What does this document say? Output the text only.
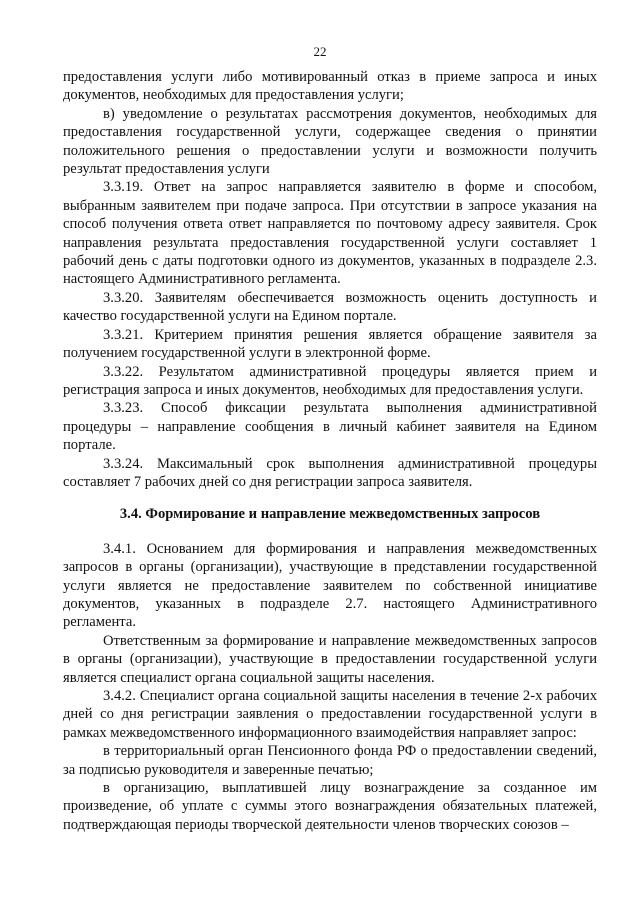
22

предоставления услуги либо мотивированный отказ в приеме запроса и иных документов, необходимых для предоставления услуги;

в) уведомление о результатах рассмотрения документов, необходимых для предоставления государственной услуги, содержащее сведения о принятии положительного решения о предоставлении услуги и возможности получить результат предоставления услуги

3.3.19. Ответ на запрос направляется заявителю в форме и способом, выбранным заявителем при подаче запроса. При отсутствии в запросе указания на способ получения ответа ответ направляется по почтовому адресу заявителя. Срок направления результата предоставления государственной услуги составляет 1 рабочий день с даты подготовки одного из документов, указанных в подразделе 2.3. настоящего Административного регламента.

3.3.20. Заявителям обеспечивается возможность оценить доступность и качество государственной услуги на Едином портале.

3.3.21. Критерием принятия решения является обращение заявителя за получением государственной услуги в электронной форме.

3.3.22. Результатом административной процедуры является прием и регистрация запроса и иных документов, необходимых для предоставления услуги.

3.3.23. Способ фиксации результата выполнения административной процедуры – направление сообщения в личный кабинет заявителя на Едином портале.

3.3.24. Максимальный срок выполнения административной процедуры составляет 7 рабочих дней со дня регистрации запроса заявителя.

3.4. Формирование и направление межведомственных запросов

3.4.1. Основанием для формирования и направления межведомственных запросов в органы (организации), участвующие в представлении государственной услуги является не предоставление заявителем по собственной инициативе документов, указанных в подразделе 2.7. настоящего Административного регламента.

Ответственным за формирование и направление межведомственных запросов в органы (организации), участвующие в предоставлении государственной услуги является специалист органа социальной защиты населения.

3.4.2. Специалист органа социальной защиты населения в течение 2-х рабочих дней со дня регистрации заявления о предоставлении государственной услуги в рамках межведомственного информационного взаимодействия направляет запрос:

в территориальный орган Пенсионного фонда РФ о предоставлении сведений, за подписью руководителя и заверенные печатью;

в организацию, выплатившей лицу вознаграждение за созданное им произведение, об уплате с суммы этого вознаграждения обязательных платежей, подтверждающая периоды творческой деятельности членов творческих союзов –
